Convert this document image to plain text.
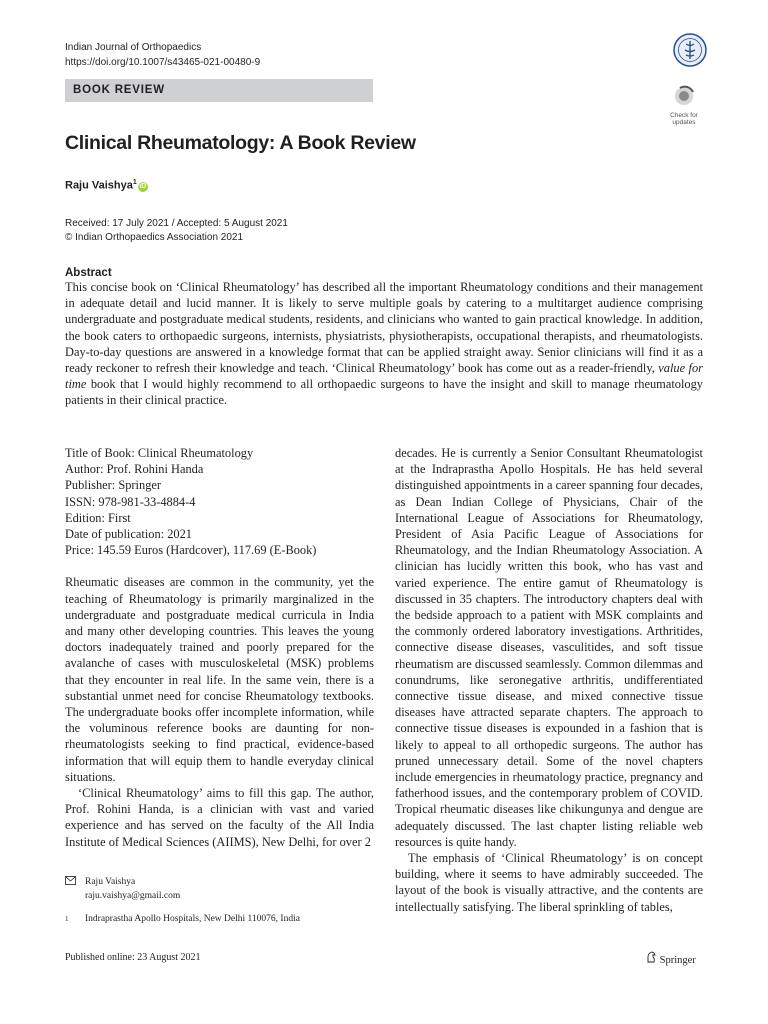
Indian Journal of Orthopaedics
https://doi.org/10.1007/s43465-021-00480-9
BOOK REVIEW
Check for
updates
Clinical Rheumatology: A Book Review
Raju Vaishya$^1$iD
Received: 17 July 2021 / Accepted: 5 August 2021
© Indian Orthopaedics Association 2021
Abstract
This concise book on ‘Clinical Rheumatology’ has described all the important Rheumatology conditions and their management in adequate detail and lucid manner. It is likely to serve multiple goals by catering to a multitarget audience comprising undergraduate and postgraduate medical students, residents, and clinicians who wanted to gain practical knowledge. In addition, the book caters to orthopaedic surgeons, internists, physiatrists, physiotherapists, occupational therapists, and rheumatologists. Day-to-day questions are answered in a knowledge format that can be applied straight away. Senior clinicians will find it as a ready reckoner to refresh their knowledge and teach. ‘Clinical Rheumatology’ book has come out as a reader-friendly, value for time book that I would highly recommend to all orthopaedic surgeons to have the insight and skill to manage rheumatology patients in their clinical practice.

Title of Book: Clinical Rheumatology

Author: Prof. Rohini Handa

Publisher: Springer

ISSN: 978-981-33-4884-4

Edition: First

Date of publication: 2021

Price: 145.59 Euros (Hardcover), 117.69 (E-Book)

Rheumatic diseases are common in the community, yet the teaching of Rheumatology is primarily marginalized in the undergraduate and postgraduate medical curricula in India and many other developing countries. This leaves the young doctors inadequately trained and poorly prepared for the avalanche of cases with musculoskeletal (MSK) problems that they encounter in real life. In the same vein, there is a substantial unmet need for concise Rheumatology textbooks. The undergraduate books offer incomplete information, while the voluminous reference books are daunting for non-rheumatologists seeking to find practical, evidence-based information that will equip them to handle everyday clinical situations.

‘Clinical Rheumatology’ aims to fill this gap. The author, Prof. Rohini Handa, is a clinician with vast and varied experience and has served on the faculty of the All India Institute of Medical Sciences (AIIMS), New Delhi, for over 2

decades. He is currently a Senior Consultant Rheumatologist at the Indraprastha Apollo Hospitals. He has held several distinguished appointments in a career spanning four decades, as Dean Indian College of Physicians, Chair of the International League of Associations for Rheumatology, President of Asia Pacific League of Associations for Rheumatology, and the Indian Rheumatology Association. A clinician has lucidly written this book, who has vast and varied experience. The entire gamut of Rheumatology is discussed in 35 chapters. The introductory chapters deal with the bedside approach to a patient with MSK complaints and the commonly ordered laboratory investigations. Arthritides, connective disease diseases, vasculitides, and soft tissue rheumatism are discussed seamlessly. Common dilemmas and conundrums, like seronegative arthritis, undifferentiated connective tissue disease, and mixed connective tissue diseases have attracted separate chapters. The approach to connective tissue diseases is expounded in a fashion that is likely to appeal to all orthopedic surgeons. The author has pruned unnecessary detail. Some of the novel chapters include emergencies in rheumatology practice, pregnancy and fatherhood issues, and the contemporary problem of COVID. Tropical rheumatic diseases like chikungunya and dengue are adequately discussed. The last chapter listing reliable web resources is quite handy.

The emphasis of ‘Clinical Rheumatology’ is on concept building, where it seems to have admirably succeeded. The layout of the book is visually attractive, and the contents are intellectually satisfying. The liberal sprinkling of tables,

Raju Vaishya
raju.vaishya@gmail.com
1	Indraprastha Apollo Hospitals, New Delhi 110076, India
Published online: 23 August 2021	Springer
